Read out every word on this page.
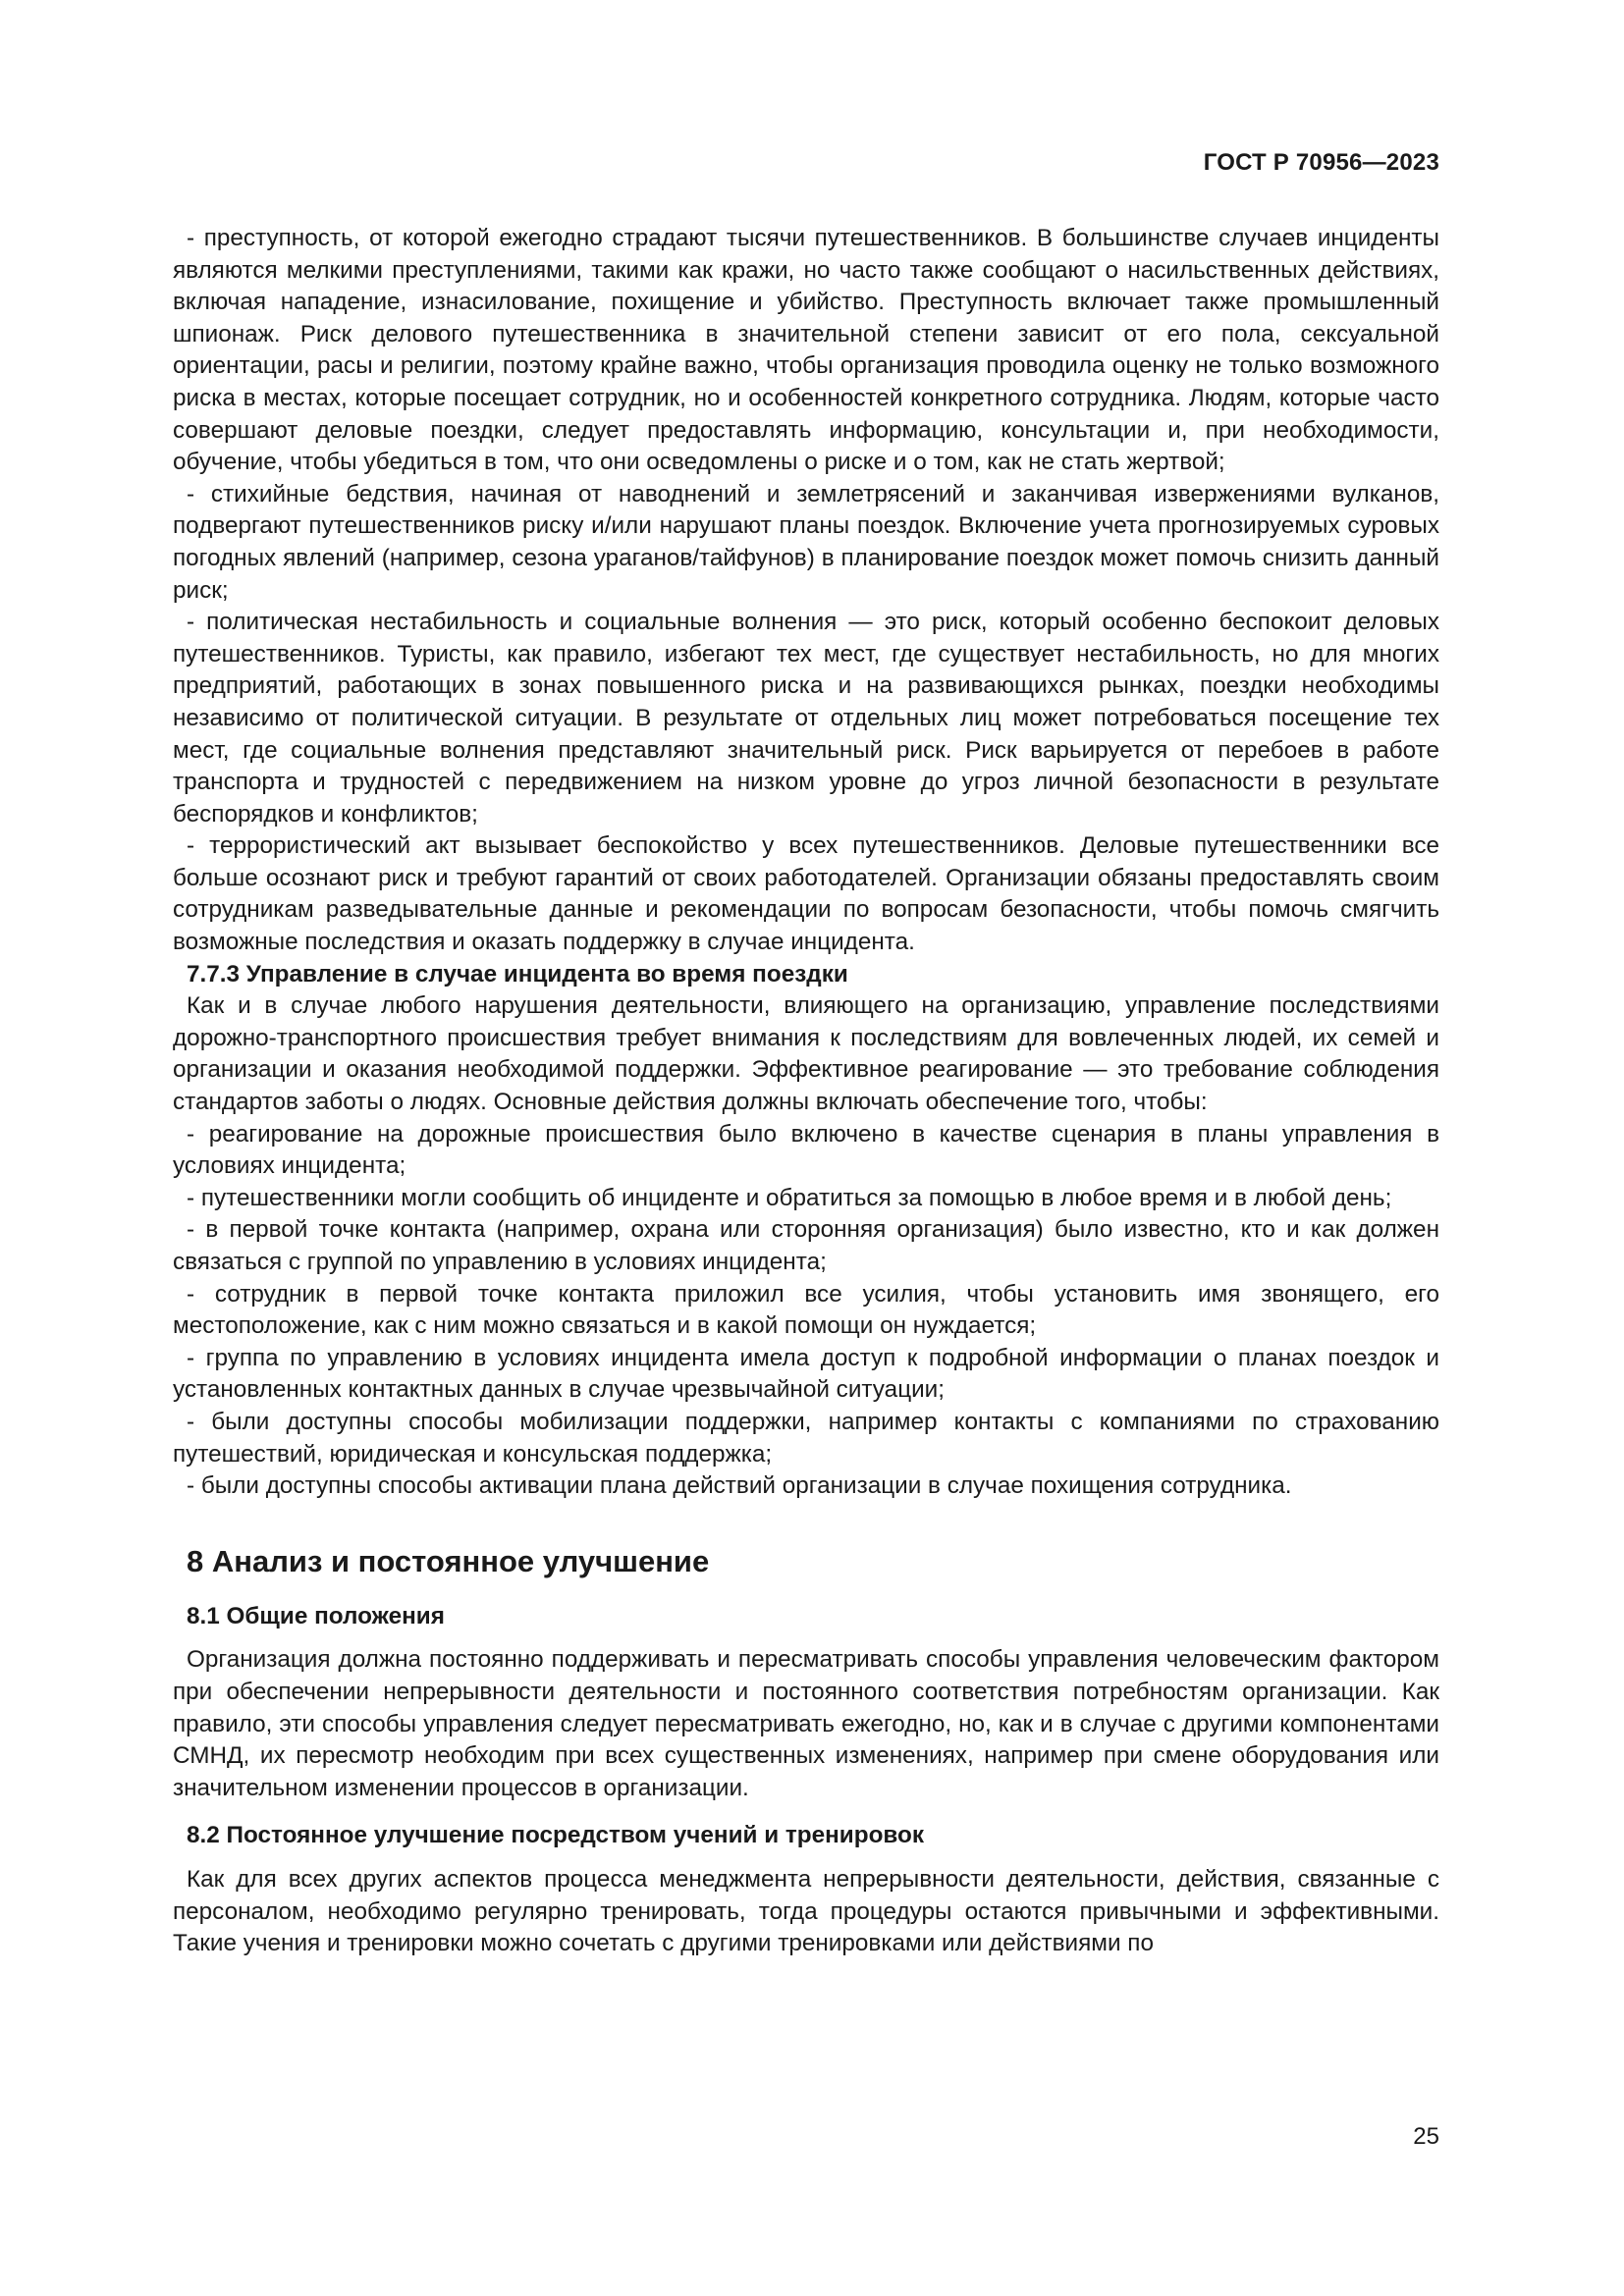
ГОСТ Р 70956—2023

- преступность, от которой ежегодно страдают тысячи путешественников. В большинстве случаев инциденты являются мелкими преступлениями, такими как кражи, но часто также сообщают о насильственных действиях, включая нападение, изнасилование, похищение и убийство. Преступность включает также промышленный шпионаж. Риск делового путешественника в значительной степени зависит от его пола, сексуальной ориентации, расы и религии, поэтому крайне важно, чтобы организация проводила оценку не только возможного риска в местах, которые посещает сотрудник, но и особенностей конкретного сотрудника. Людям, которые часто совершают деловые поездки, следует предоставлять информацию, консультации и, при необходимости, обучение, чтобы убедиться в том, что они осведомлены о риске и о том, как не стать жертвой;

- стихийные бедствия, начиная от наводнений и землетрясений и заканчивая извержениями вулканов, подвергают путешественников риску и/или нарушают планы поездок. Включение учета прогнозируемых суровых погодных явлений (например, сезона ураганов/тайфунов) в планирование поездок может помочь снизить данный риск;

- политическая нестабильность и социальные волнения — это риск, который особенно беспокоит деловых путешественников. Туристы, как правило, избегают тех мест, где существует нестабильность, но для многих предприятий, работающих в зонах повышенного риска и на развивающихся рынках, поездки необходимы независимо от политической ситуации. В результате от отдельных лиц может потребоваться посещение тех мест, где социальные волнения представляют значительный риск. Риск варьируется от перебоев в работе транспорта и трудностей с передвижением на низком уровне до угроз личной безопасности в результате беспорядков и конфликтов;

- террористический акт вызывает беспокойство у всех путешественников. Деловые путешественники все больше осознают риск и требуют гарантий от своих работодателей. Организации обязаны предоставлять своим сотрудникам разведывательные данные и рекомендации по вопросам безопасности, чтобы помочь смягчить возможные последствия и оказать поддержку в случае инцидента.

7.7.3 Управление в случае инцидента во время поездки

Как и в случае любого нарушения деятельности, влияющего на организацию, управление последствиями дорожно-транспортного происшествия требует внимания к последствиям для вовлеченных людей, их семей и организации и оказания необходимой поддержки. Эффективное реагирование — это требование соблюдения стандартов заботы о людях. Основные действия должны включать обеспечение того, чтобы:

- реагирование на дорожные происшествия было включено в качестве сценария в планы управления в условиях инцидента;

- путешественники могли сообщить об инциденте и обратиться за помощью в любое время и в любой день;

- в первой точке контакта (например, охрана или сторонняя организация) было известно, кто и как должен связаться с группой по управлению в условиях инцидента;

- сотрудник в первой точке контакта приложил все усилия, чтобы установить имя звонящего, его местоположение, как с ним можно связаться и в какой помощи он нуждается;

- группа по управлению в условиях инцидента имела доступ к подробной информации о планах поездок и установленных контактных данных в случае чрезвычайной ситуации;

- были доступны способы мобилизации поддержки, например контакты с компаниями по страхованию путешествий, юридическая и консульская поддержка;

- были доступны способы активации плана действий организации в случае похищения сотрудника.

8 Анализ и постоянное улучшение

8.1 Общие положения

Организация должна постоянно поддерживать и пересматривать способы управления человеческим фактором при обеспечении непрерывности деятельности и постоянного соответствия потребностям организации. Как правило, эти способы управления следует пересматривать ежегодно, но, как и в случае с другими компонентами СМНД, их пересмотр необходим при всех существенных изменениях, например при смене оборудования или значительном изменении процессов в организации.

8.2 Постоянное улучшение посредством учений и тренировок

Как для всех других аспектов процесса менеджмента непрерывности деятельности, действия, связанные с персоналом, необходимо регулярно тренировать, тогда процедуры остаются привычными и эффективными. Такие учения и тренировки можно сочетать с другими тренировками или действиями по

25
